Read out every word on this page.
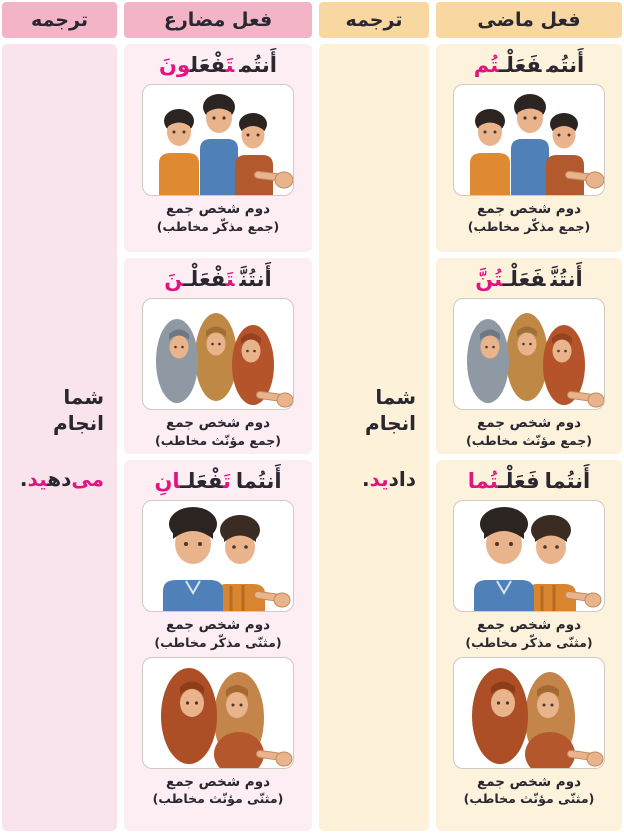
فعل ماضی
أَنتُمفَعَلْـتُم
دوم شخص جمع
(جمع مذکّر مخاطب)
أَنتُنَّفَعَلْـتُنَّ
دوم شخص جمع
(جمع مؤنّث مخاطب)
أَنتُمافَعَلْـتُما
دوم شخص جمع
(مثنّی مذکّر مخاطب)
دوم شخص جمع
(مثنّی مؤنّث مخاطب)
ترجمه
شما انجام
دادید.
فعل مضارع
أَنتُمتَفْعَلونَ
دوم شخص جمع
(جمع مذکّر مخاطب)
أَنتُنَّتَفْعَلْـنَ
دوم شخص جمع
(جمع مؤنّث مخاطب)
أَنتُماتَفْعَلـانِ
دوم شخص جمع
(مثنّی مذکّر مخاطب)
دوم شخص جمع
(مثنّی مؤنّث مخاطب)
ترجمه
شما انجام
می‌دهید.
